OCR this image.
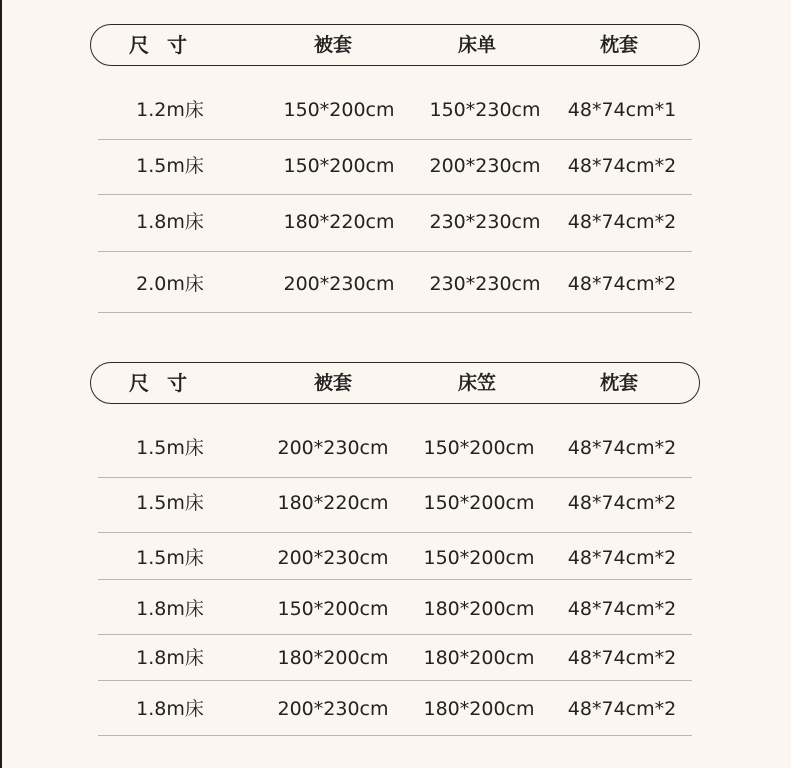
尺寸	被套	床单	枕套
1.2m床	150*200cm 150*230cm 48*74cm*1
1.5m床	150*200cm 200*230cm 48*74cm*2
1.8m床	180*220cm 230*230cm 48*74cm*2
2.0m床	200*230cm 230*230cm 48*74cm*2
尺寸	被套	床笠	枕套
1.5m床	200*230cm 150*200cm 48*74cm*2
1.5m床	180*220cm 150*200cm 48*74cm*2
1.5m床	200*230cm 150*200cm 48*74cm*2
1.8m床	150*200cm 180*200cm 48*74cm*2
1.8m床	180*200cm 180*200cm 48*74cm*2
1.8m床	200*230cm 180*200cm 48*74cm*2
